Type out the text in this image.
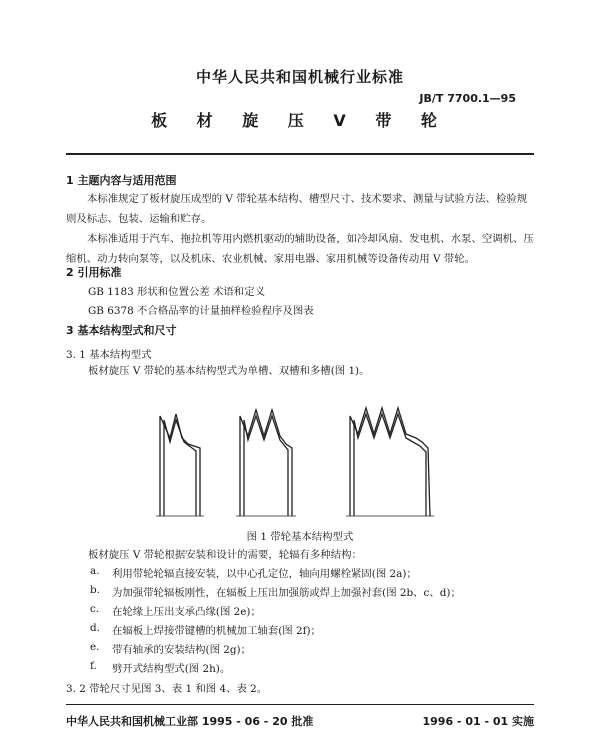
中华人民共和国机械行业标准
JB/T 7700.1—95
板 材 旋 压 V 带 轮
1 主题内容与适用范围
本标准规定了板材旋压成型的 V 带轮基本结构、槽型尺寸、技术要求、测量与试验方法、检验规则及标志、包装、运输和贮存。
本标准适用于汽车、拖拉机等用内燃机驱动的辅助设备，如冷却风扇、发电机、水泵、空调机、压缩机、动力转向泵等，以及机床、农业机械、家用电器、家用机械等设备传动用 V 带轮。
2 引用标准
GB 1183 形状和位置公差 术语和定义
GB 6378 不合格品率的计量抽样检验程序及图表
3 基本结构型式和尺寸
3. 1 基本结构型式
板材旋压 V 带轮的基本结构型式为单槽、双槽和多槽(图 1)。
图 1 带轮基本结构型式
板材旋压 V 带轮根据安装和设计的需要，轮辐有多种结构：
a. 利用带轮轮辐直接安装，以中心孔定位，轴向用螺栓紧固(图 2a)；
b. 为加强带轮辐板刚性，在辐板上压出加强筋或焊上加强衬套(图 2b、c、d)；
c. 在轮缘上压出支承凸缘(图 2e)；
d. 在辐板上焊接带键槽的机械加工轴套(图 2f)；
e. 带有轴承的安装结构(图 2g)；
f. 劈开式结构型式(图 2h)。
3. 2 带轮尺寸见图 3、表 1 和图 4、表 2。
中华人民共和国机械工业部 1995 - 06 - 20 批准	1996 - 01 - 01 实施
